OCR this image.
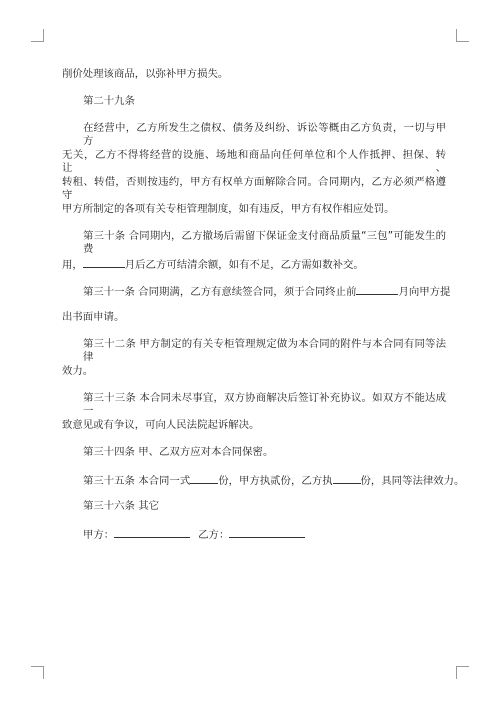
削价处理该商品，以弥补甲方损失。
第二十九条
在经营中，乙方所发生之债权、债务及纠纷、诉讼等概由乙方负责，一切与甲方
无关，乙方不得将经营的设施、场地和商品向任何单位和个人作抵押、担保、转让、
转租、转借，否则按违约，甲方有权单方面解除合同。合同期内，乙方必须严格遵守
甲方所制定的各项有关专柜管理制度，如有违反，甲方有权作相应处罚。
第三十条 合同期内，乙方撤场后需留下保证金支付商品质量“三包”可能发生的费
用，	月后乙方可结清余额，如有不足，乙方需如数补交。
第三十一条 合同期满，乙方有意续签合同，须于合同终止前	月向甲方提
出书面申请。
第三十二条 甲方制定的有关专柜管理规定做为本合同的附件与本合同有同等法律
效力。
第三十三条 本合同未尽事宜，双方协商解决后签订补充协议。如双方不能达成一
致意见或有争议，可向人民法院起诉解决。
第三十四条 甲、乙双方应对本合同保密。
第三十五条 本合同一式	份，甲方执贰份，乙方执	份，具同等法律效力。
第三十六条 其它
甲方：	乙方：
